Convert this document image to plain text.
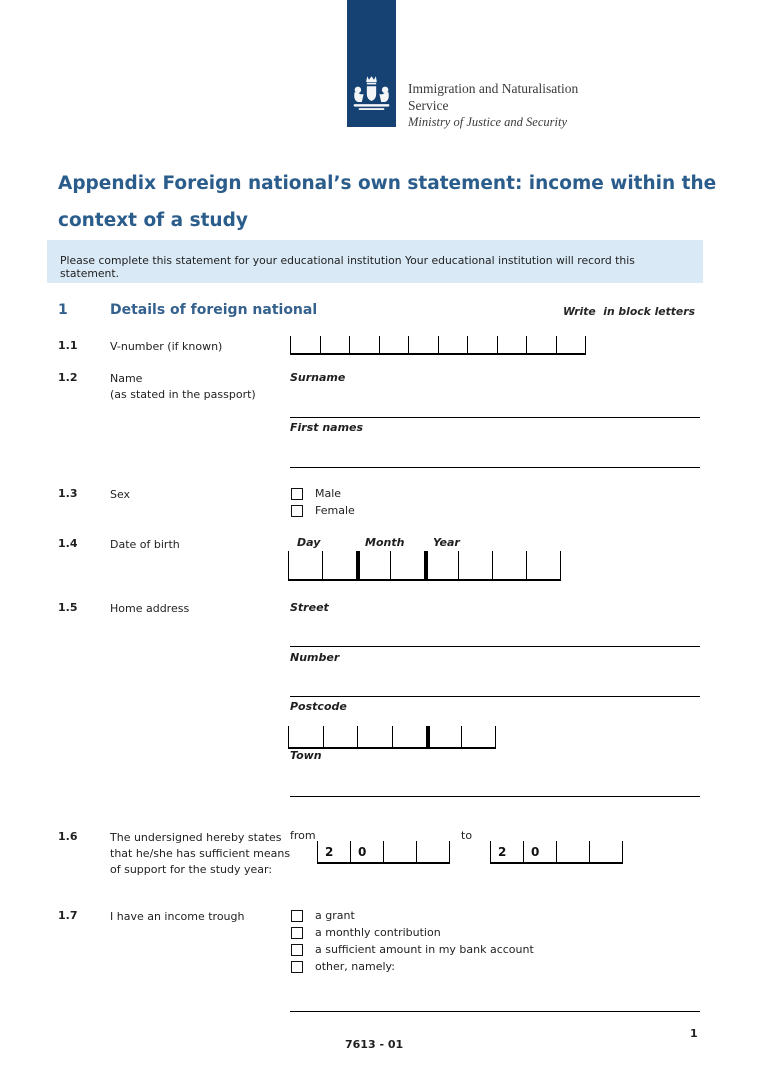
Immigration and Naturalisation
Service
Ministry of Justice and Security
Appendix Foreign national’s own statement: income within the
context of a study
Please complete this statement for your educational institution Your educational institution will record this statement.
1	Details of foreign national	Write  in block letters
1.1	V-number (if known)
1.2	Name
(as stated in the passport)
Surname
First names
1.3	Sex	Male
Female
1.4	Date of birth	Day	Month	Year
1.5	Home address	Street
Number
Postcode
Town
1.6	The undersigned hereby states that he/she has sufficient means of support for the study year:
from
2	0
to
2	0
1.7	I have an income trough	a grant
a monthly contribution
a sufficient amount in my bank account
other, namely:
7613 - 01
1
